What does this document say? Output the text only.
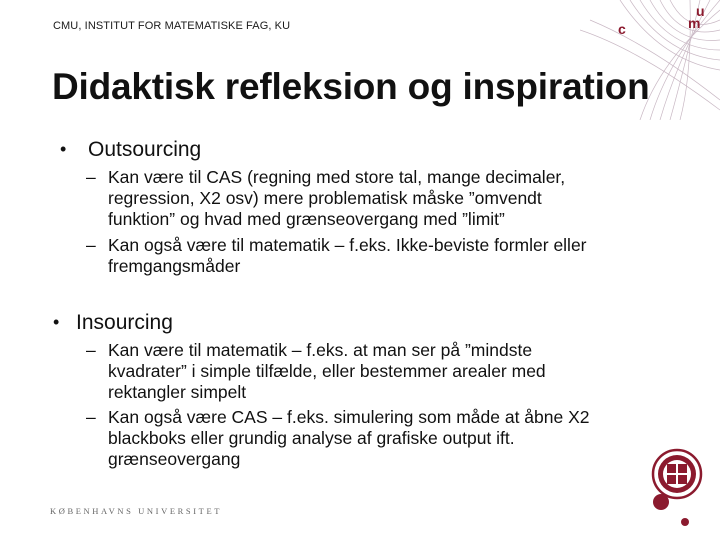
CMU, INSTITUT FOR MATEMATISKE FAG, KU
u
m
c
Didaktisk refleksion og inspiration
• Outsourcing
– Kan være til CAS (regning med store tal, mange decimaler,
regression, X2 osv) mere problematisk måske ”omvendt
funktion” og hvad med grænseovergang med ”limit”
– Kan også være til matematik – f.eks. Ikke-beviste formler eller
fremgangsmåder
• Insourcing
– Kan være til matematik – f.eks. at man ser på ”mindste
kvadrater” i simple tilfælde, eller bestemmer arealer med
rektangler simpelt
– Kan også være CAS – f.eks. simulering som måde at åbne X2
blackboks eller grundig analyse af grafiske output ift.
grænseovergang
KØBENHAVNS UNIVERSITET
